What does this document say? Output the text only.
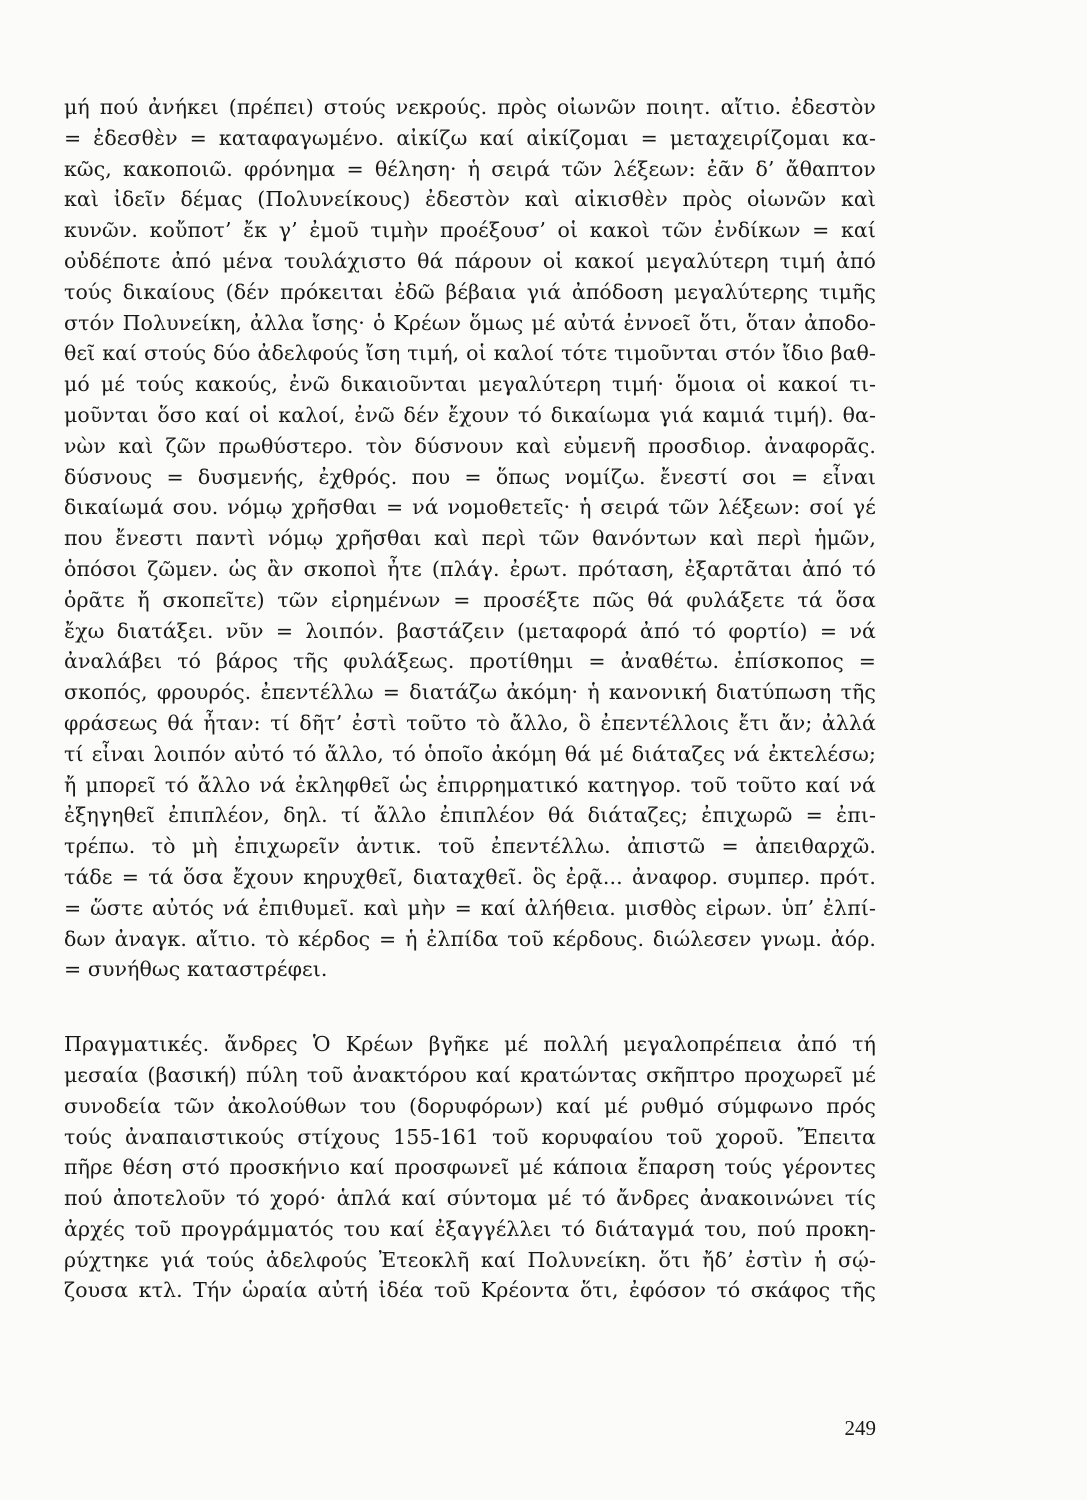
μή πού ἀνήκει (πρέπει) στούς νεκρούς. πρὸς οἰωνῶν ποιητ. αἴτιο. ἐδεστὸν
= ἐδεσθὲν = καταφαγωμένο. αἰκίζω καί αἰκίζομαι = μεταχειρίζομαι κα-
κῶς, κακοποιῶ. φρόνημα = θέληση· ἡ σειρά τῶν λέξεων: ἐᾶν δ’ ἄθαπτον
καὶ ἰδεῖν δέμας (Πολυνείκους) ἐδεστὸν καὶ αἰκισθὲν πρὸς οἰωνῶν καὶ
κυνῶν. κοὔποτ’ ἔκ γ’ ἐμοῦ τιμὴν προέξουσ’ οἱ κακοὶ τῶν ἐνδίκων = καί
οὐδέποτε ἀπό μένα τουλάχιστο θά πάρουν οἱ κακοί μεγαλύτερη τιμή ἀπό
τούς δικαίους (δέν πρόκειται ἐδῶ βέβαια γιά ἀπόδοση μεγαλύτερης τιμῆς
στόν Πολυνείκη, ἀλλα ἴσης· ὁ Κρέων ὅμως μέ αὐτά ἐννοεῖ ὅτι, ὅταν ἀποδο-
θεῖ καί στούς δύο ἀδελφούς ἴση τιμή, οἱ καλοί τότε τιμοῦνται στόν ἴδιο βαθ-
μό μέ τούς κακούς, ἐνῶ δικαιοῦνται μεγαλύτερη τιμή· ὅμοια οἱ κακοί τι-
μοῦνται ὅσο καί οἱ καλοί, ἐνῶ δέν ἔχουν τό δικαίωμα γιά καμιά τιμή). θα-
νὼν καὶ ζῶν πρωθύστερο. τὸν δύσνουν καὶ εὐμενῆ προσδιορ. ἀναφορᾶς.
δύσνους = δυσμενής, ἐχθρός. που = ὅπως νομίζω. ἔνεστί σοι = εἶναι
δικαίωμά σου. νόμῳ χρῆσθαι = νά νομοθετεῖς· ἡ σειρά τῶν λέξεων: σοί γέ
που ἔνεστι παντὶ νόμῳ χρῆσθαι καὶ περὶ τῶν θανόντων καὶ περὶ ἡμῶν,
ὁπόσοι ζῶμεν. ὡς ἂν σκοποὶ ἦτε (πλάγ. ἐρωτ. πρόταση, ἐξαρτᾶται ἀπό τό
ὁρᾶτε ἤ σκοπεῖτε) τῶν εἰρημένων = προσέξτε πῶς θά φυλάξετε τά ὅσα
ἔχω διατάξει. νῦν = λοιπόν. βαστάζειν (μεταφορά ἀπό τό φορτίο) = νά
ἀναλάβει τό βάρος τῆς φυλάξεως. προτίθημι = ἀναθέτω. ἐπίσκοπος =
σκοπός, φρουρός. ἐπεντέλλω = διατάζω ἀκόμη· ἡ κανονική διατύπωση τῆς
φράσεως θά ἦταν: τί δῆτ’ ἐστὶ τοῦτο τὸ ἄλλο, ὃ ἐπεντέλλοις ἔτι ἄν; ἀλλά
τί εἶναι λοιπόν αὐτό τό ἄλλο, τό ὁποῖο ἀκόμη θά μέ διάταζες νά ἐκτελέσω;
ἤ μπορεῖ τό ἄλλο νά ἐκληφθεῖ ὡς ἐπιρρηματικό κατηγορ. τοῦ τοῦτο καί νά
ἐξηγηθεῖ ἐπιπλέον, δηλ. τί ἄλλο ἐπιπλέον θά διάταζες; ἐπιχωρῶ = ἐπι-
τρέπω. τὸ μὴ ἐπιχωρεῖν ἀντικ. τοῦ ἐπεντέλλω. ἀπιστῶ = ἀπειθαρχῶ.
τάδε = τά ὅσα ἔχουν κηρυχθεῖ, διαταχθεῖ. ὃς ἐρᾷ... ἀναφορ. συμπερ. πρότ.
= ὥστε αὐτός νά ἐπιθυμεῖ. καὶ μὴν = καί ἀλήθεια. μισθὸς εἰρων. ὑπ’ ἐλπί-
δων ἀναγκ. αἴτιο. τὸ κέρδος = ἡ ἐλπίδα τοῦ κέρδους. διώλεσεν γνωμ. ἀόρ.
= συνήθως καταστρέφει.
Πραγματικές. ἄνδρες Ὁ Κρέων βγῆκε μέ πολλή μεγαλοπρέπεια ἀπό τή
μεσαία (βασική) πύλη τοῦ ἀνακτόρου καί κρατώντας σκῆπτρο προχωρεῖ μέ
συνοδεία τῶν ἀκολούθων του (δορυφόρων) καί μέ ρυθμό σύμφωνο πρός
τούς ἀναπαιστικούς στίχους 155-161 τοῦ κορυφαίου τοῦ χοροῦ. Ἔπειτα
πῆρε θέση στό προσκήνιο καί προσφωνεῖ μέ κάποια ἔπαρση τούς γέροντες
πού ἀποτελοῦν τό χορό· ἁπλά καί σύντομα μέ τό ἄνδρες ἀνακοινώνει τίς
ἀρχές τοῦ προγράμματός του καί ἐξαγγέλλει τό διάταγμά του, πού προκη-
ρύχτηκε γιά τούς ἀδελφούς Ἐτεοκλῆ καί Πολυνείκη. ὅτι ἤδ’ ἐστὶν ἡ σῴ-
ζουσα κτλ. Τήν ὡραία αὐτή ἰδέα τοῦ Κρέοντα ὅτι, ἐφόσον τό σκάφος τῆς
249
